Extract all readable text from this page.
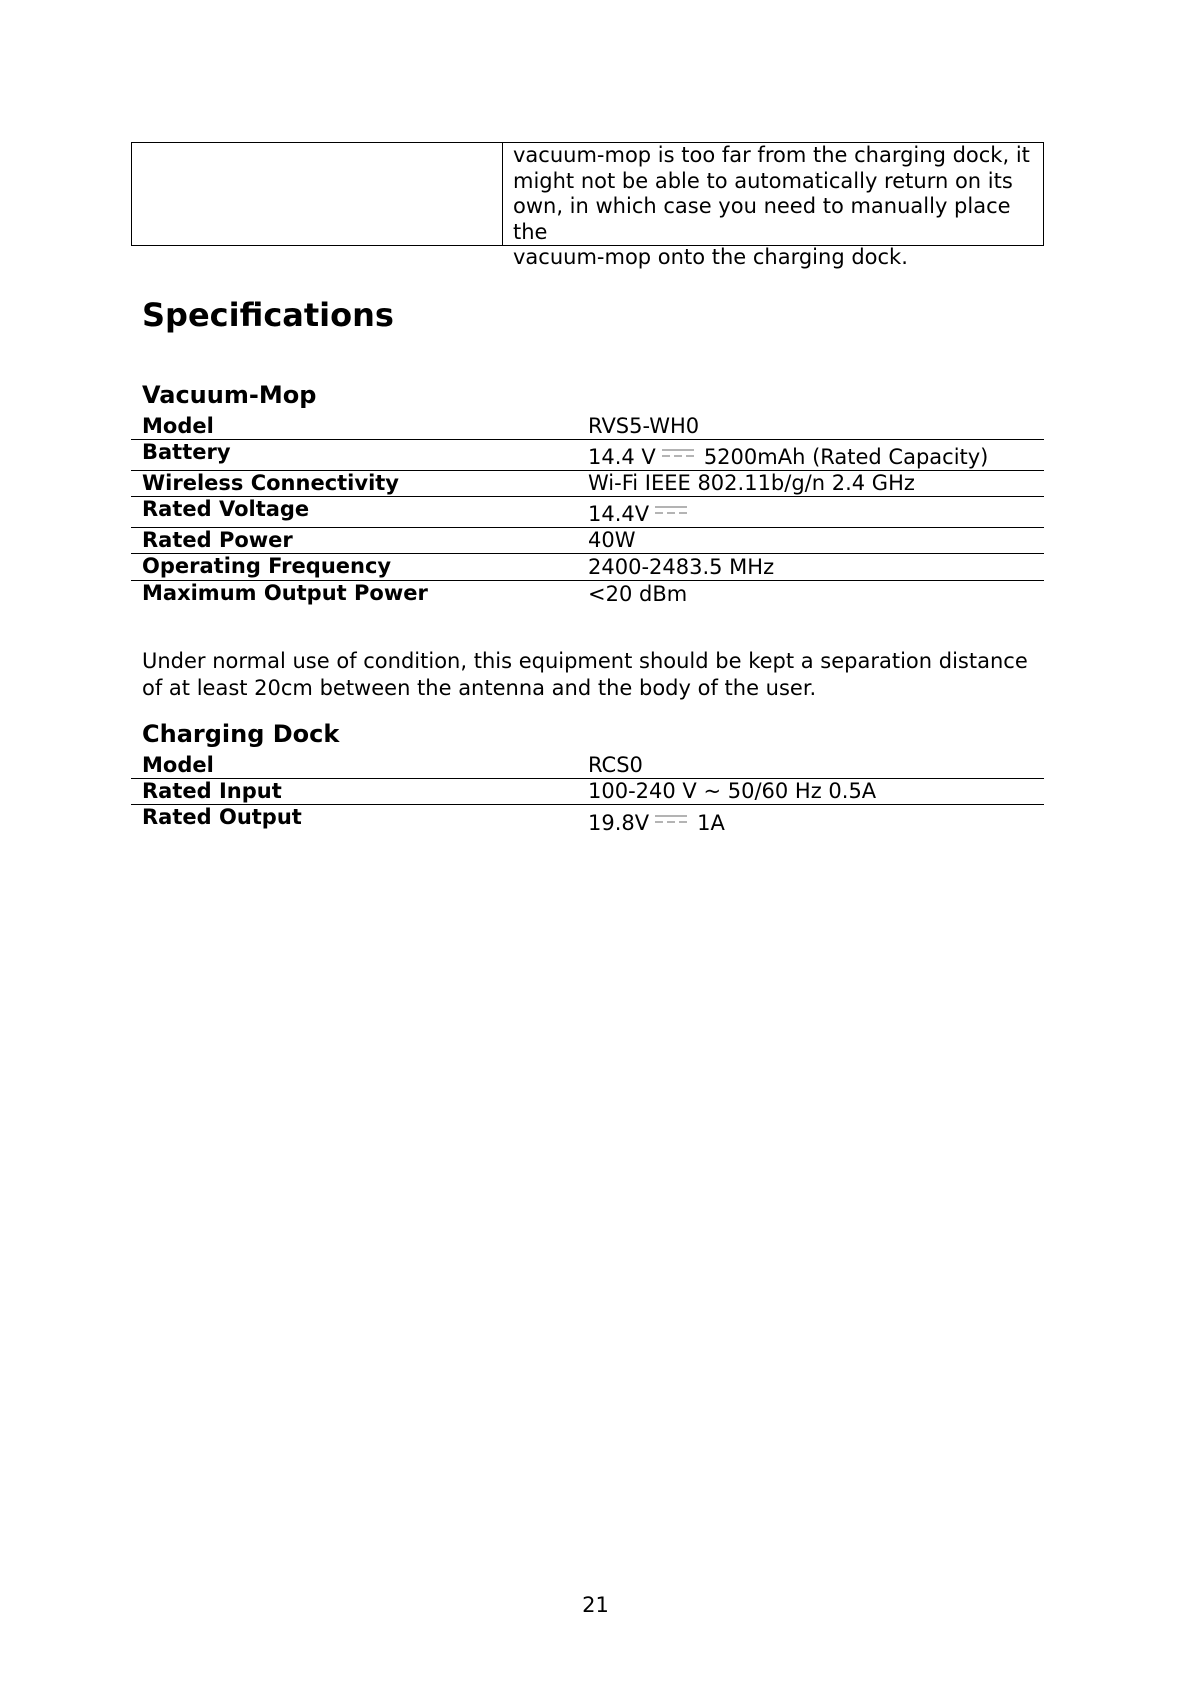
vacuum-mop is too far from the charging dock, it

might not be able to automatically return on its

own, in which case you need to manually place the

vacuum-mop onto the charging dock.

Specifications
Vacuum-Mop
Model	RVS5-WH0
Battery	14.4 V 5200mAh (Rated Capacity)
Wireless Connectivity	Wi-Fi IEEE 802.11b/g/n 2.4 GHz
Rated Voltage	14.4V
Rated Power	40W
Operating Frequency	2400-2483.5 MHz
Maximum Output Power	<20 dBm

Under normal use of condition, this equipment should be kept a separation distance of at least 20cm between the antenna and the body of the user.

Charging Dock
Model	RCS0
Rated Input	100-240 V ~ 50/60 Hz 0.5A
Rated Output	19.8V 1A
21
